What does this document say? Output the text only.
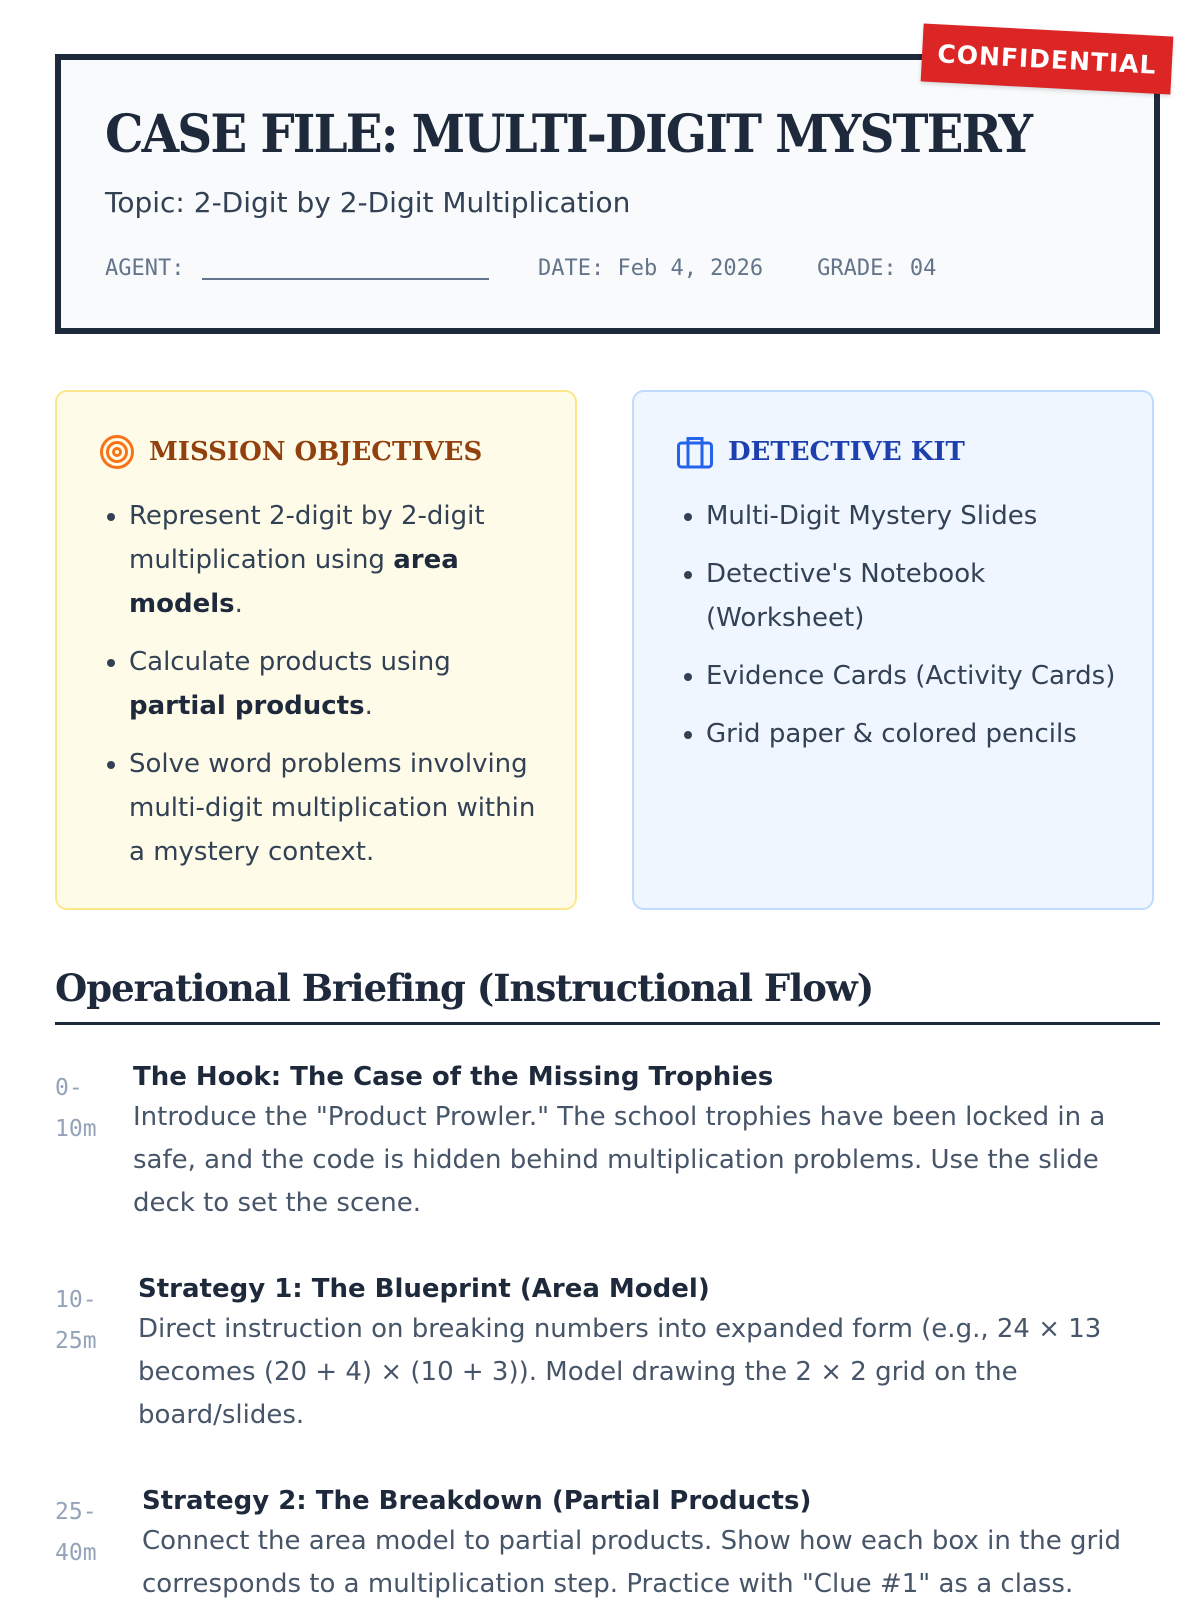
CASE FILE: MULTI-DIGIT MYSTERY
Topic: 2-Digit by 2-Digit Multiplication
AGENT:	DATE: Feb 4, 2026 GRADE: 04
CONFIDENTIAL
MISSION OBJECTIVES
• Represent 2-digit by 2-digit multiplication using area models.
• Calculate products using partial products.
• Solve word problems involving multi-digit multiplication within a mystery context.
DETECTIVE KIT
• Multi-Digit Mystery Slides
• Detective's Notebook (Worksheet)
• Evidence Cards (Activity Cards)
• Grid paper & colored pencils
Operational Briefing (Instructional Flow)
0-10m
The Hook: The Case of the Missing Trophies
Introduce the "Product Prowler." The school trophies have been locked in a safe, and the code is hidden behind multiplication problems. Use the slide deck to set the scene.
10-25m
Strategy 1: The Blueprint (Area Model)
Direct instruction on breaking numbers into expanded form (e.g., 24 × 13 becomes (20 + 4) × (10 + 3)). Model drawing the 2 × 2 grid on the board/slides.
25-40m
Strategy 2: The Breakdown (Partial Products)
Connect the area model to partial products. Show how each box in the grid corresponds to a multiplication step. Practice with "Clue #1" as a class.
